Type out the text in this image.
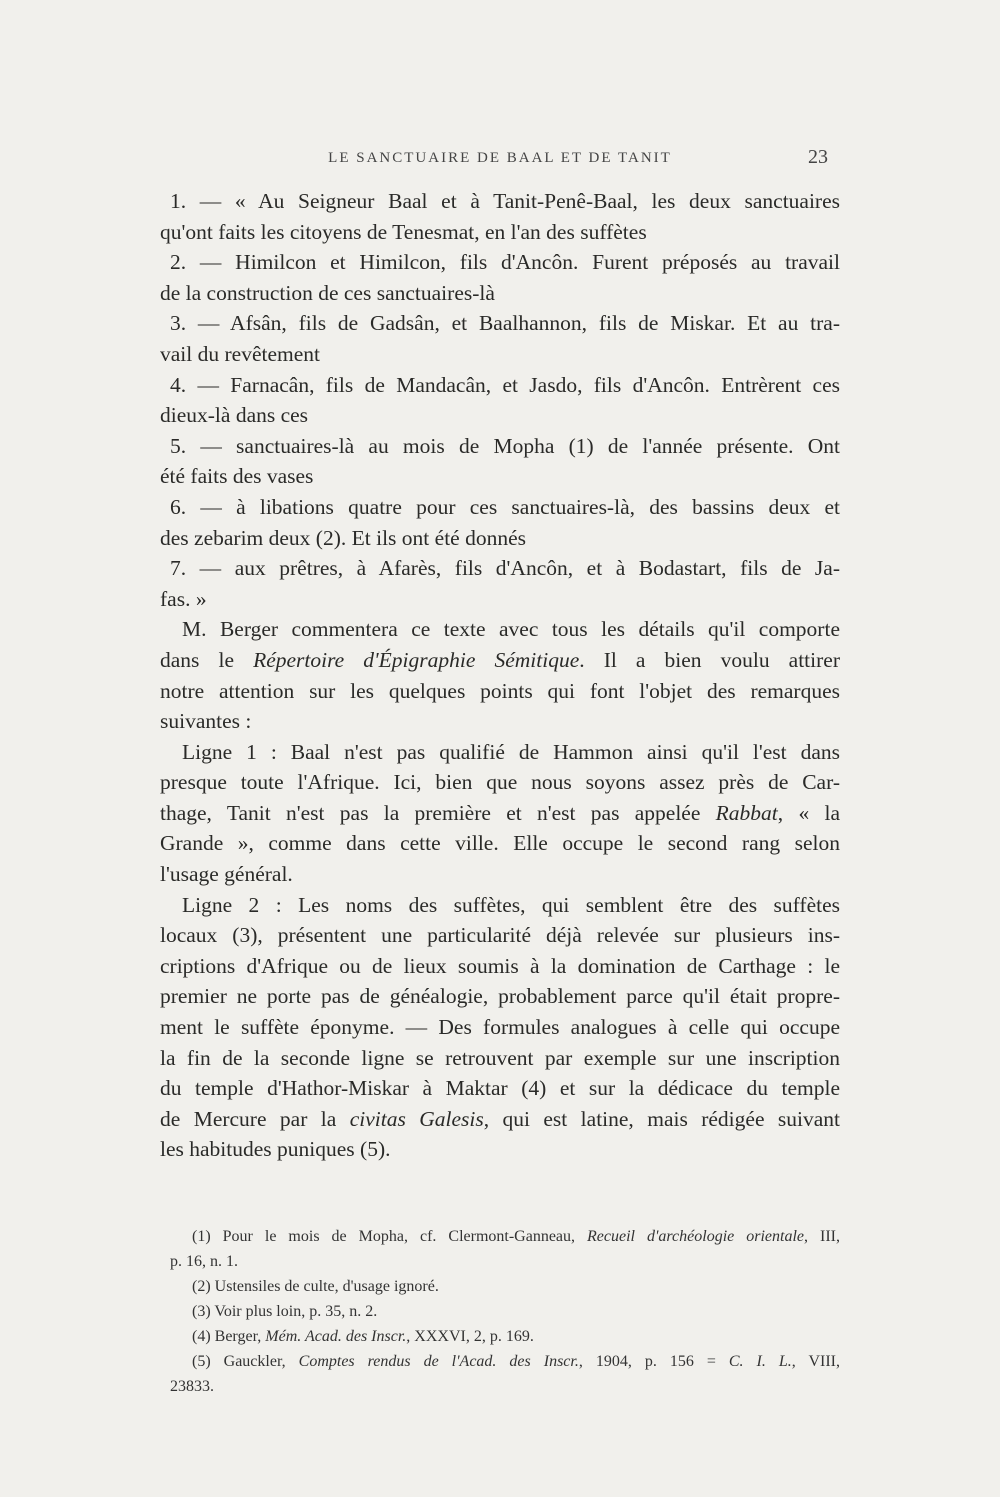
LE SANCTUAIRE DE BAAL ET DE TANIT	23

1. — « Au Seigneur Baal et à Tanit-Penê-Baal, les deux sanctuaires

qu'ont faits les citoyens de Tenesmat, en l'an des suffètes

2. — Himilcon et Himilcon, fils d'Ancôn. Furent préposés au travail

de la construction de ces sanctuaires-là

3. — Afsân, fils de Gadsân, et Baalhannon, fils de Miskar. Et au tra-

vail du revêtement

4. — Farnacân, fils de Mandacân, et Jasdo, fils d'Ancôn. Entrèrent ces

dieux-là dans ces

5. — sanctuaires-là au mois de Mopha (1) de l'année présente. Ont

été faits des vases

6. — à libations quatre pour ces sanctuaires-là, des bassins deux et

des zebarim deux (2). Et ils ont été donnés

7. — aux prêtres, à Afarès, fils d'Ancôn, et à Bodastart, fils de Ja-

fas. »

M. Berger commentera ce texte avec tous les détails qu'il comporte

dans le Répertoire d'Épigraphie Sémitique. Il a bien voulu attirer

notre attention sur les quelques points qui font l'objet des remarques

suivantes :

Ligne 1 : Baal n'est pas qualifié de Hammon ainsi qu'il l'est dans

presque toute l'Afrique. Ici, bien que nous soyons assez près de Car-

thage, Tanit n'est pas la première et n'est pas appelée Rabbat, « la

Grande », comme dans cette ville. Elle occupe le second rang selon

l'usage général.

Ligne 2 : Les noms des suffètes, qui semblent être des suffètes

locaux (3), présentent une particularité déjà relevée sur plusieurs ins-

criptions d'Afrique ou de lieux soumis à la domination de Carthage : le

premier ne porte pas de généalogie, probablement parce qu'il était propre-

ment le suffète éponyme. — Des formules analogues à celle qui occupe

la fin de la seconde ligne se retrouvent par exemple sur une inscription

du temple d'Hathor-Miskar à Maktar (4) et sur la dédicace du temple

de Mercure par la civitas Galesis, qui est latine, mais rédigée suivant

les habitudes puniques (5).

(1) Pour le mois de Mopha, cf. Clermont-Ganneau, Recueil d'archéologie orientale, III,

p. 16, n. 1.

(2) Ustensiles de culte, d'usage ignoré.

(3) Voir plus loin, p. 35, n. 2.

(4) Berger, Mém. Acad. des Inscr., XXXVI, 2, p. 169.

(5) Gauckler, Comptes rendus de l'Acad. des Inscr., 1904, p. 156 = C. I. L., VIII,

23833.
